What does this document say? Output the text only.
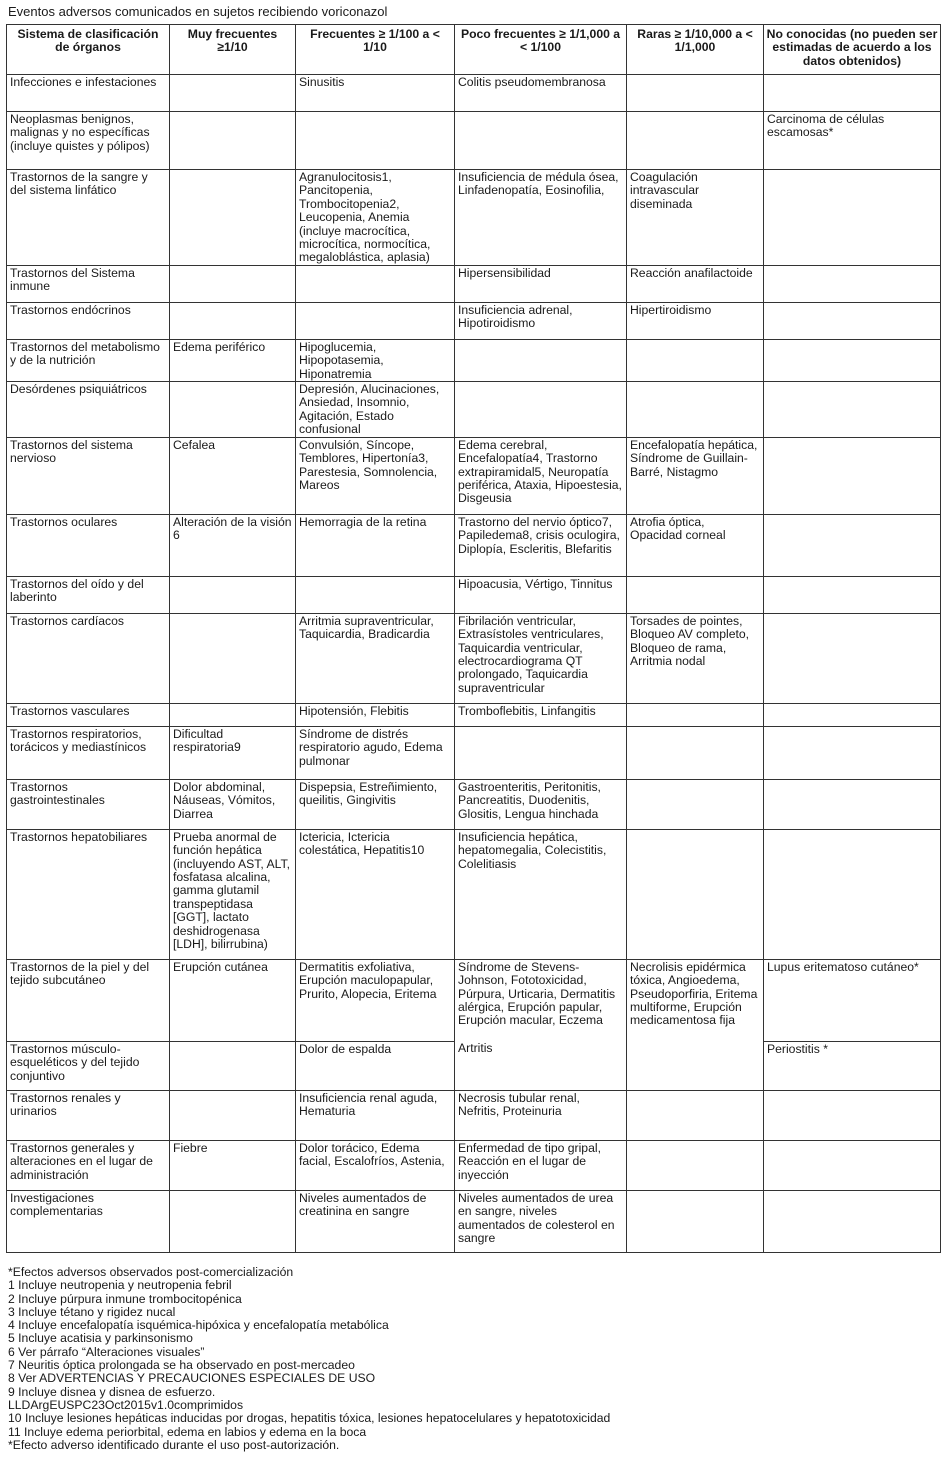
Eventos adversos comunicados en sujetos recibiendo voriconazol
Sistema de clasificación de órganos	Muy frecuentes ≥1/10	Frecuentes ≥ 1/100 a < 1/10	Poco frecuentes ≥ 1/1,000 a < 1/100	Raras ≥ 1/10,000 a < 1/1,000	No conocidas (no pueden ser estimadas de acuerdo a los datos obtenidos)
Infecciones e infestaciones		Sinusitis	Colitis pseudomembranosa		
Neoplasmas benignos, malignas y no específicas (incluye quistes y pólipos)					Carcinoma de células escamosas*
Trastornos de la sangre y del sistema linfático		Agranulocitosis1, Pancitopenia, Trombocitopenia2, Leucopenia, Anemia (incluye macrocítica, microcítica, normocítica, megaloblástica, aplasia)	Insuficiencia de médula ósea, Linfadenopatía, Eosinofilia,	Coagulación intravascular diseminada	
Trastornos del Sistema inmune			Hipersensibilidad	Reacción anafilactoide	
Trastornos endócrinos			Insuficiencia adrenal, Hipotiroidismo	Hipertiroidismo	
Trastornos del metabolismo y de la nutrición	Edema periférico	Hipoglucemia, Hipopotasemia, Hiponatremia			
Desórdenes psiquiátricos		Depresión, Alucinaciones, Ansiedad, Insomnio, Agitación, Estado confusional			
Trastornos del sistema nervioso	Cefalea	Convulsión, Síncope, Temblores, Hipertonía3, Parestesia, Somnolencia, Mareos	Edema cerebral, Encefalopatía4, Trastorno extrapiramidal5, Neuropatía periférica, Ataxia, Hipoestesia, Disgeusia	Encefalopatía hepática, Síndrome de Guillain-Barré, Nistagmo	
Trastornos oculares	Alteración de la visión 6	Hemorragia de la retina	Trastorno del nervio óptico7, Papiledema8, crisis oculogira, Diplopía, Escleritis, Blefaritis	Atrofia óptica, Opacidad corneal	
Trastornos del oído y del laberinto			Hipoacusia, Vértigo, Tinnitus		
Trastornos cardíacos		Arritmia supraventricular, Taquicardia, Bradicardia	Fibrilación ventricular, Extrasístoles ventriculares, Taquicardia ventricular, electrocardiograma QT prolongado, Taquicardia supraventricular	Torsades de pointes, Bloqueo AV completo, Bloqueo de rama, Arritmia nodal	
Trastornos vasculares		Hipotensión, Flebitis	Tromboflebitis, Linfangitis		
Trastornos respiratorios, torácicos y mediastínicos	Dificultad respiratoria9	Síndrome de distrés respiratorio agudo, Edema pulmonar			
Trastornos gastrointestinales	Dolor abdominal, Náuseas, Vómitos, Diarrea	Dispepsia, Estreñimiento, queilitis, Gingivitis	Gastroenteritis, Peritonitis, Pancreatitis, Duodenitis, Glositis, Lengua hinchada		
Trastornos hepatobiliares	Prueba anormal de función hepática (incluyendo AST, ALT, fosfatasa alcalina, gamma glutamil transpeptidasa [GGT], lactato deshidrogenasa [LDH], bilirrubina)	Ictericia, Ictericia colestática, Hepatitis10	Insuficiencia hepática, hepatomegalia, Colecistitis, Colelitiasis		
Trastornos de la piel y del tejido subcutáneo	Erupción cutánea	Dermatitis exfoliativa, Erupción maculopapular, Prurito, Alopecia, Eritema	Síndrome de Stevens-Johnson, Fototoxicidad, Púrpura, Urticaria, Dermatitis alérgica, Erupción papular, Erupción macular, Eczema	Necrolisis epidérmica tóxica, Angioedema, Pseudoporfiria, Eritema multiforme, Erupción medicamentosa fija	Lupus eritematoso cutáneo*
Trastornos músculo-esqueléticos y del tejido conjuntivo		Dolor de espalda	Artritis		Periostitis *
Trastornos renales y urinarios		Insuficiencia renal aguda, Hematuria	Necrosis tubular renal, Nefritis, Proteinuria		
Trastornos generales y alteraciones en el lugar de administración	Fiebre	Dolor torácico, Edema facial, Escalofríos, Astenia,	Enfermedad de tipo gripal, Reacción en el lugar de inyección		
Investigaciones complementarias		Niveles aumentados de creatinina en sangre	Niveles aumentados de urea en sangre, niveles aumentados de colesterol en sangre		
*Efectos adversos observados post-comercialización
1 Incluye neutropenia y neutropenia febril
2 Incluye púrpura inmune trombocitopénica
3 Incluye tétano y rigidez nucal
4 Incluye encefalopatía isquémica-hipóxica y encefalopatía metabólica
5 Incluye acatisia y parkinsonismo
6 Ver párrafo “Alteraciones visuales”
7 Neuritis óptica prolongada se ha observado en post-mercadeo
8 Ver ADVERTENCIAS Y PRECAUCIONES ESPECIALES DE USO
9 Incluye disnea y disnea de esfuerzo.
LLDArgEUSPC23Oct2015v1.0comprimidos
10 Incluye lesiones hepáticas inducidas por drogas, hepatitis tóxica, lesiones hepatocelulares y hepatotoxicidad
11 Incluye edema periorbital, edema en labios y edema en la boca
*Efecto adverso identificado durante el uso post-autorización.
